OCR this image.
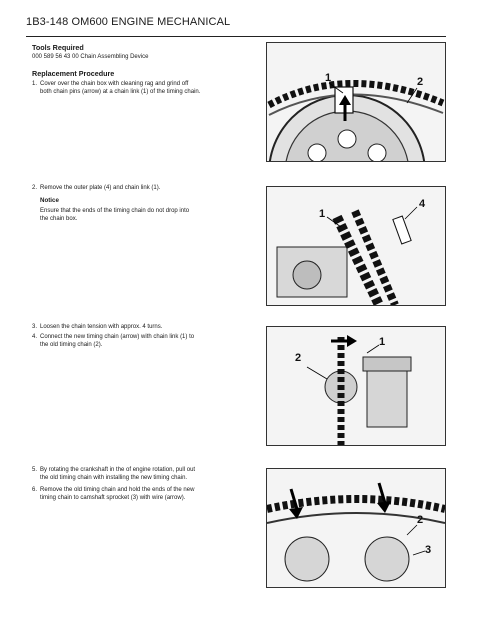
1B3-148 OM600 ENGINE MECHANICAL
Tools Required
000 589 56 43 00 Chain Assembling Device
Replacement Procedure
1. Cover over the chain box with cleaning rag and grind off
both chain pins (arrow) at a chain link (1) of the timing chain.
2. Remove the outer plate (4) and chain link (1).
Notice
Ensure that the ends of the timing chain do not drop into
the chain box.
3. Loosen the chain tension with approx. 4 turns.
4. Connect the new timing chain (arrow) with chain link (1) to
the old timing chain (2).
5. By rotating the crankshaft in the of engine rotation, pull out
the old timing chain with installing the new timing chain.
6. Remove the old timing chain and hold the ends of the new
timing chain to camshaft sprocket (3) with wire (arrow).
1	2
1
4
2
1
2
3
